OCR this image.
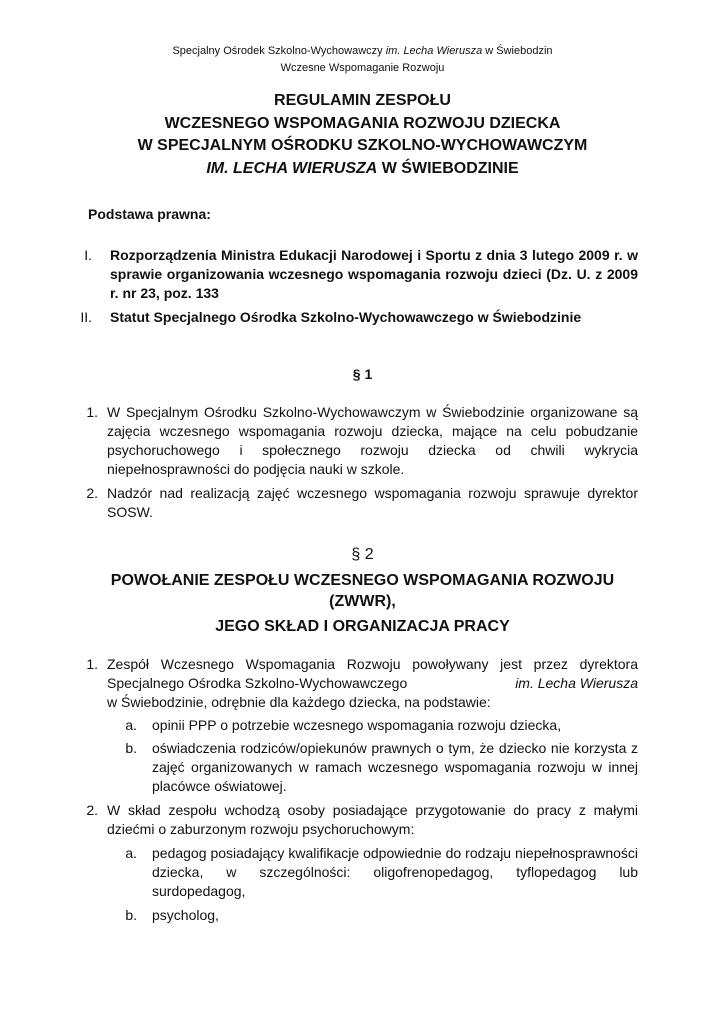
Specjalny Ośrodek Szkolno-Wychowawczy im. Lecha Wierusza w Świebodzin
Wczesne Wspomaganie Rozwoju
REGULAMIN ZESPOŁU
WCZESNEGO WSPOMAGANIA ROZWOJU DZIECKA
W SPECJALNYM OŚRODKU SZKOLNO-WYCHOWAWCZYM
IM. LECHA WIERUSZA W ŚWIEBODZINIE
Podstawa prawna:
I. Rozporządzenia Ministra Edukacji Narodowej i Sportu z dnia 3 lutego 2009 r. w sprawie organizowania wczesnego wspomagania rozwoju dzieci (Dz. U. z 2009 r. nr 23, poz. 133
II. Statut Specjalnego Ośrodka Szkolno-Wychowawczego w Świebodzinie
§ 1
1. W Specjalnym Ośrodku Szkolno-Wychowawczym w Świebodzinie organizowane są zajęcia wczesnego wspomagania rozwoju dziecka, mające na celu pobudzanie psychoruchowego i społecznego rozwoju dziecka od chwili wykrycia niepełnosprawności do podjęcia nauki w szkole.
2. Nadzór nad realizacją zajęć wczesnego wspomagania rozwoju sprawuje dyrektor SOSW.
§ 2
POWOŁANIE ZESPOŁU WCZESNEGO WSPOMAGANIA ROZWOJU
(ZWWR),
JEGO SKŁAD I ORGANIZACJA PRACY
1. Zespół Wczesnego Wspomagania Rozwoju powoływany jest przez dyrektora
Specjalnego Ośrodka Szkolno-Wychowawczego	im. Lecha Wierusza
w Świebodzinie, odrębnie dla każdego dziecka, na podstawie:
a. opinii PPP o potrzebie wczesnego wspomagania rozwoju dziecka,
b. oświadczenia rodziców/opiekunów prawnych o tym, że dziecko nie korzysta z zajęć organizowanych w ramach wczesnego wspomagania rozwoju w innej placówce oświatowej.
2. W skład zespołu wchodzą osoby posiadające przygotowanie do pracy z małymi dziećmi o zaburzonym rozwoju psychoruchowym:
a. pedagog posiadający kwalifikacje odpowiednie do rodzaju niepełnosprawności dziecka, w szczególności: oligofrenopedagog, tyflopedagog lub surdopedagog,
b. psycholog,
